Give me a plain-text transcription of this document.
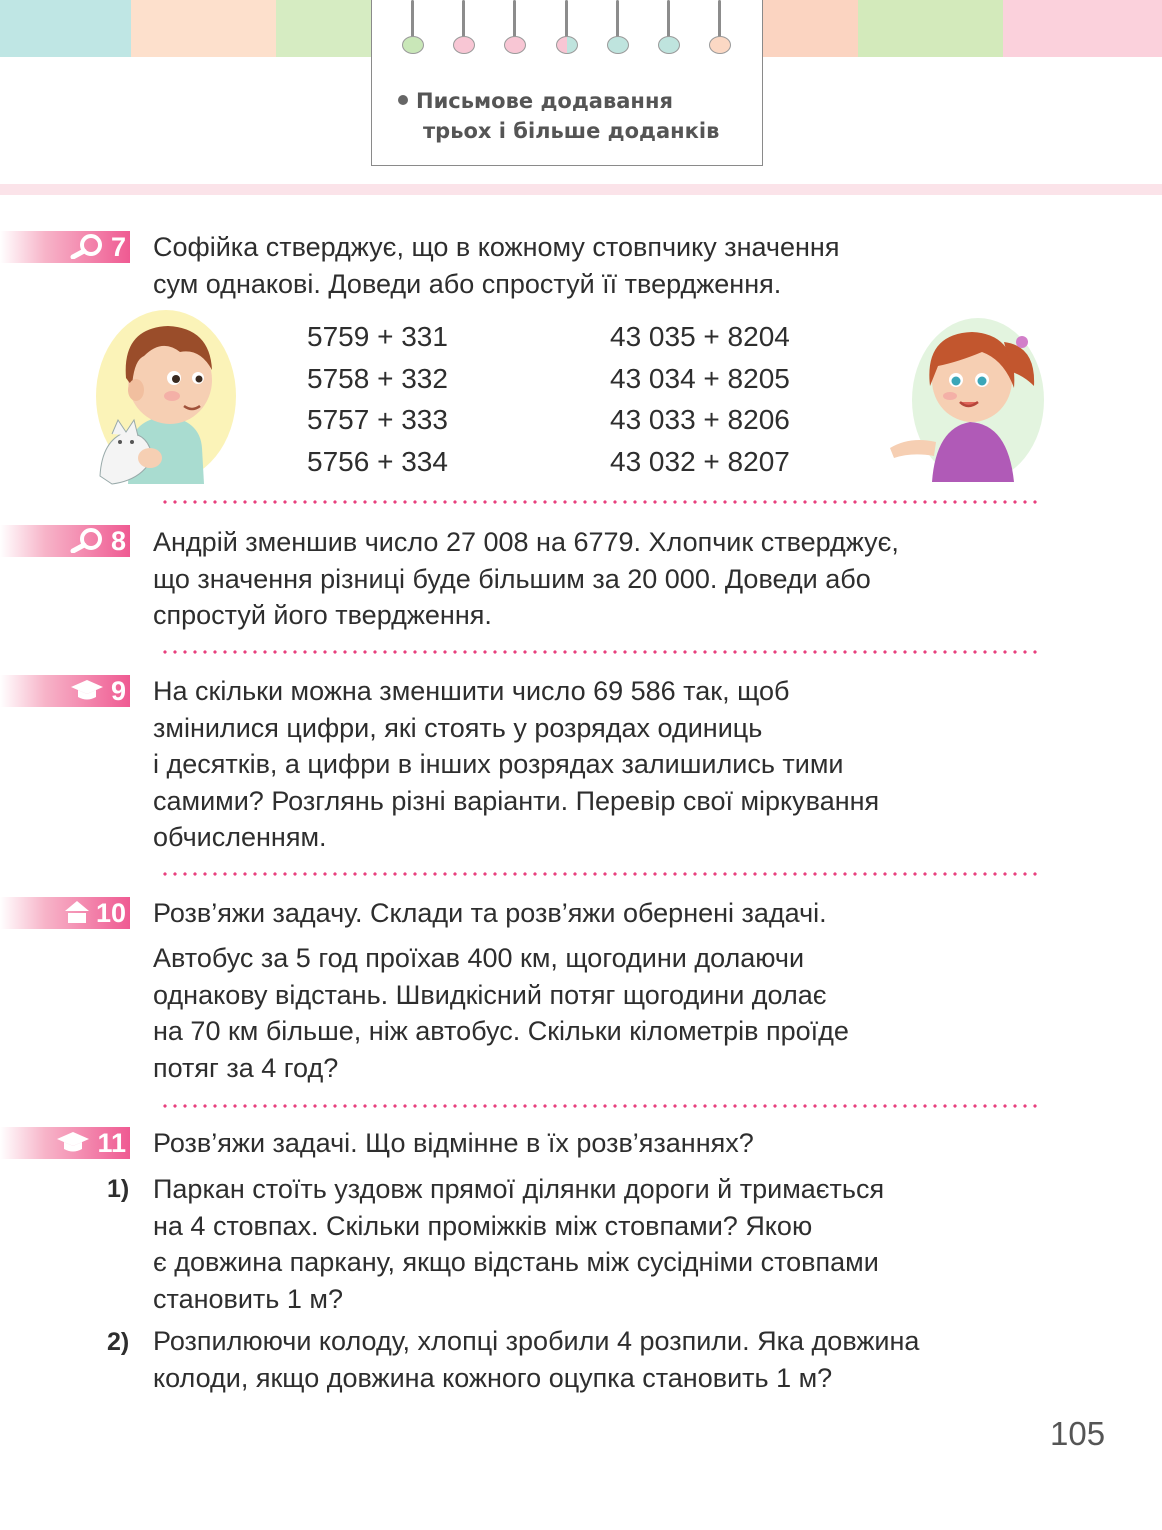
Письмове додавання
трьох і більше доданків
7 Софійка стверджує, що в кожному стовпчику значення
сум однакові. Доведи або спростуй її твердження.
5759 + 331
5758 + 332
5757 + 333
5756 + 334
43 035 + 8204
43 034 + 8205
43 033 + 8206
43 032 + 8207
8 Андрій зменшив число 27 008 на 6779. Хлопчик стверджує,
що значення різниці буде більшим за 20 000. Доведи або
спростуй його твердження.
9 На скільки можна зменшити число 69 586 так, щоб
змінилися цифри, які стоять у розрядах одиниць
і десятків, а цифри в інших розрядах залишились тими
самими? Розглянь різні варіанти. Перевір свої міркування
обчисленням.
10 Розв’яжи задачу. Склади та розв’яжи обернені задачі.
Автобус за 5 год проїхав 400 км, щогодини долаючи
однакову відстань. Швидкісний потяг щогодини долає
на 70 км більше, ніж автобус. Скільки кілометрів проїде
потяг за 4 год?
11 Розв’яжи задачі. Що відмінне в їх розв’язаннях?
1) Паркан стоїть уздовж прямої ділянки дороги й тримається
на 4 стовпах. Скільки проміжків між стовпами? Якою
є довжина паркану, якщо відстань між сусідніми стовпами
становить 1 м?
2) Розпилюючи колоду, хлопці зробили 4 розпили. Яка довжина
колоди, якщо довжина кожного оцупка становить 1 м?
105
